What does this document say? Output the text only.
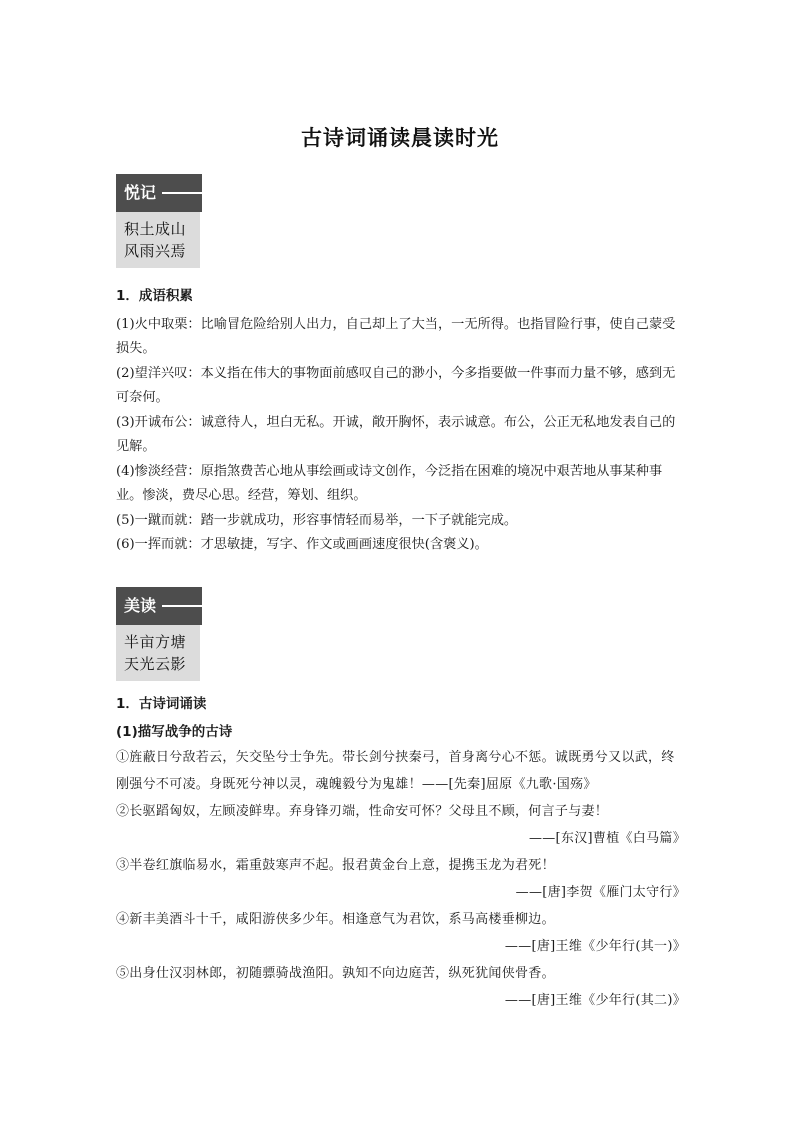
古诗词诵读晨读时光
悦记
积土成山
风雨兴焉
1．成语积累

(1)火中取栗：比喻冒危险给别人出力，自己却上了大当，一无所得。也指冒险行事，使自己蒙受损失。

(2)望洋兴叹：本义指在伟大的事物面前感叹自己的渺小，今多指要做一件事而力量不够，感到无可奈何。

(3)开诚布公：诚意待人，坦白无私。开诚，敞开胸怀，表示诚意。布公，公正无私地发表自己的见解。

(4)惨淡经营：原指煞费苦心地从事绘画或诗文创作，今泛指在困难的境况中艰苦地从事某种事业。惨淡，费尽心思。经营，筹划、组织。

(5)一蹴而就：踏一步就成功，形容事情轻而易举，一下子就能完成。

(6)一挥而就：才思敏捷，写字、作文或画画速度很快(含褒义)。

美读
半亩方塘
天光云影
1．古诗词诵读
(1)描写战争的古诗
①旌蔽日兮敌若云，矢交坠兮士争先。带长剑兮挟秦弓，首身离兮心不惩。诚既勇兮又以武，终刚强兮不可凌。身既死兮神以灵，魂魄毅兮为鬼雄！——[先秦]屈原《九歌·国殇》
②长驱蹈匈奴，左顾凌鲜卑。弃身锋刃端，性命安可怀？父母且不顾，何言子与妻！
——[东汉]曹植《白马篇》
③半卷红旗临易水，霜重鼓寒声不起。报君黄金台上意，提携玉龙为君死！
——[唐]李贺《雁门太守行》
④新丰美酒斗十千，咸阳游侠多少年。相逢意气为君饮，系马高楼垂柳边。
——[唐]王维《少年行(其一)》
⑤出身仕汉羽林郎，初随骠骑战渔阳。孰知不向边庭苦，纵死犹闻侠骨香。
——[唐]王维《少年行(其二)》
